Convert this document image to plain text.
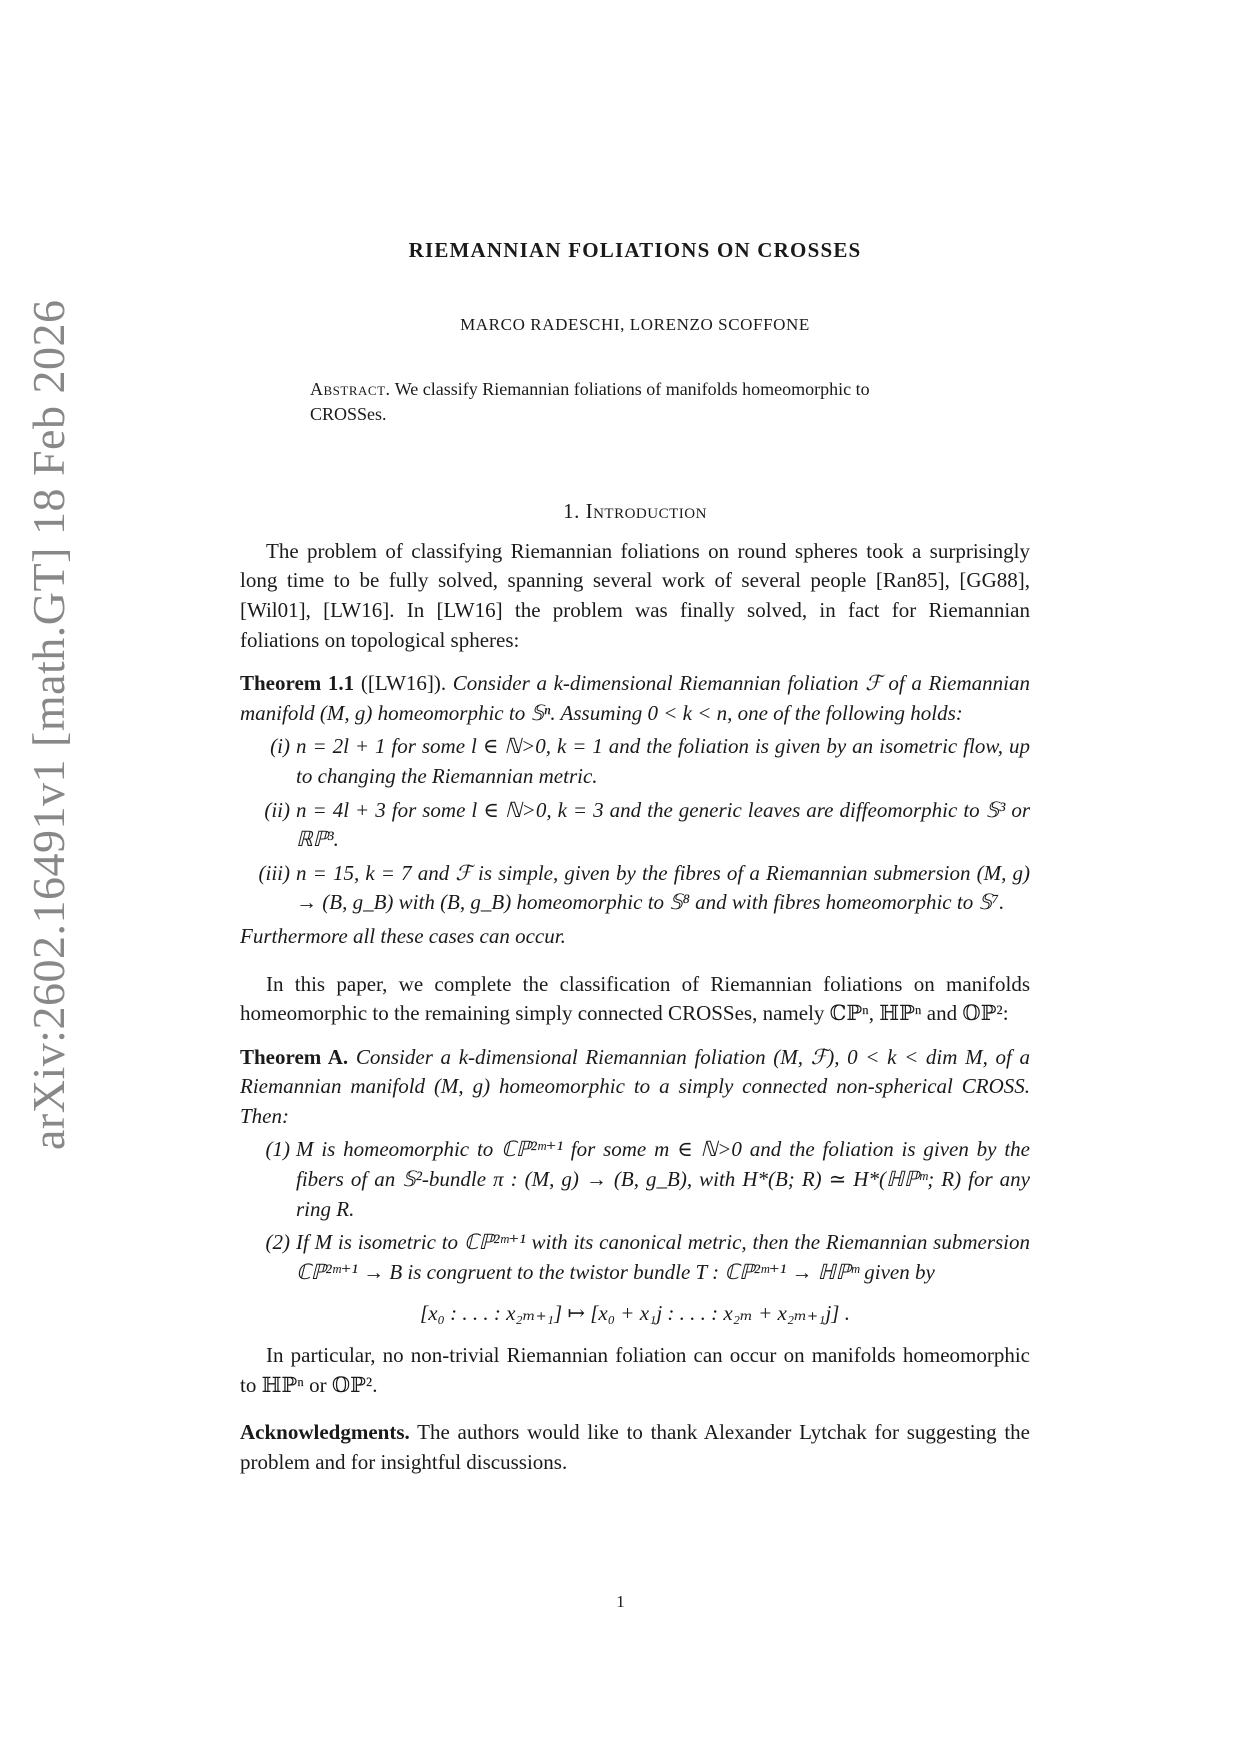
arXiv:2602.16491v1 [math.GT] 18 Feb 2026
RIEMANNIAN FOLIATIONS ON CROSSES
MARCO RADESCHI, LORENZO SCOFFONE
Abstract. We classify Riemannian foliations of manifolds homeomorphic to CROSSes.
1. Introduction

The problem of classifying Riemannian foliations on round spheres took a surprisingly long time to be fully solved, spanning several work of several people [Ran85], [GG88], [Wil01], [LW16]. In [LW16] the problem was finally solved, in fact for Riemannian foliations on topological spheres:

Theorem 1.1 ([LW16]). Consider a k-dimensional Riemannian foliation ℱ of a Riemannian manifold (M, g) homeomorphic to 𝕊ⁿ. Assuming 0 < k < n, one of the following holds:
(i) n = 2l + 1 for some l ∈ ℕ>0, k = 1 and the foliation is given by an isometric flow, up to changing the Riemannian metric.
(ii) n = 4l + 3 for some l ∈ ℕ>0, k = 3 and the generic leaves are diffeomorphic to 𝕊³ or ℝℙ³.
(iii) n = 15, k = 7 and ℱ is simple, given by the fibres of a Riemannian submersion (M, g) → (B, g_B) with (B, g_B) homeomorphic to 𝕊⁸ and with fibres homeomorphic to 𝕊⁷.

Furthermore all these cases can occur.

In this paper, we complete the classification of Riemannian foliations on manifolds homeomorphic to the remaining simply connected CROSSes, namely ℂℙⁿ, ℍℙⁿ and 𝕆ℙ²:

Theorem A. Consider a k-dimensional Riemannian foliation (M, ℱ), 0 < k < dim M, of a Riemannian manifold (M, g) homeomorphic to a simply connected non-spherical CROSS. Then:
(1) M is homeomorphic to ℂℙ²ᵐ⁺¹ for some m ∈ ℕ>0 and the foliation is given by the fibers of an 𝕊²-bundle π : (M, g) → (B, g_B), with H*(B; R) ≃ H*(ℍℙᵐ; R) for any ring R.
(2) If M is isometric to ℂℙ²ᵐ⁺¹ with its canonical metric, then the Riemannian submersion ℂℙ²ᵐ⁺¹ → B is congruent to the twistor bundle T : ℂℙ²ᵐ⁺¹ → ℍℙᵐ given by
[x₀ : . . . : x₂ₘ₊₁] ↦ [x₀ + x₁j : . . . : x₂ₘ + x₂ₘ₊₁j] .

In particular, no non-trivial Riemannian foliation can occur on manifolds homeomorphic to ℍℙⁿ or 𝕆ℙ².

Acknowledgments. The authors would like to thank Alexander Lytchak for suggesting the problem and for insightful discussions.

1
